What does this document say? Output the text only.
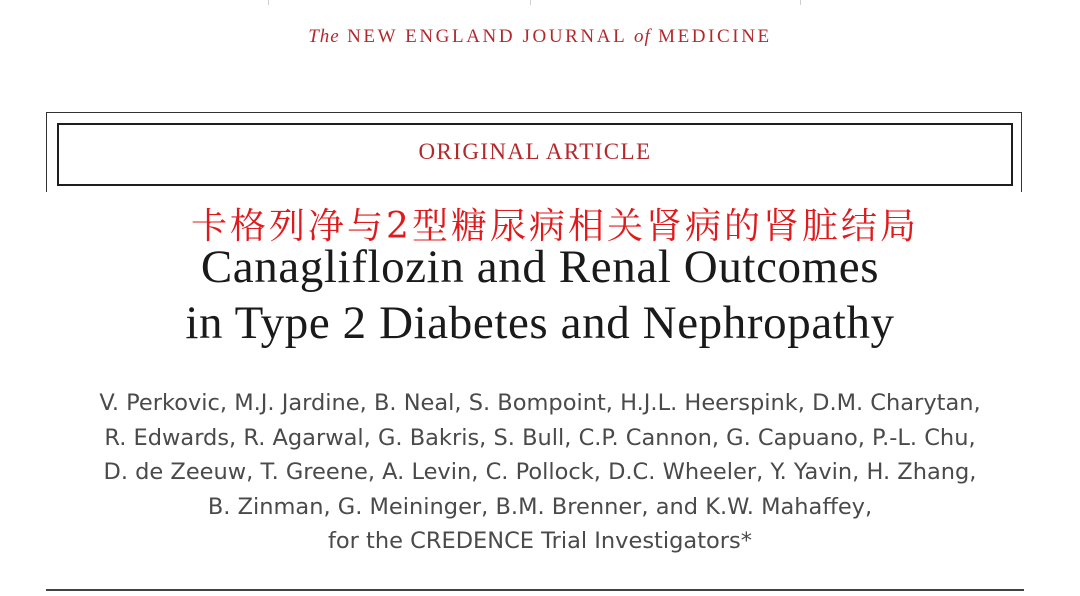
The NEW ENGLAND JOURNAL of MEDICINE
ORIGINAL ARTICLE
卡格列净与2型糖尿病相关肾病的肾脏结局
Canagliflozin and Renal Outcomes
in Type 2 Diabetes and Nephropathy
V. Perkovic, M.J. Jardine, B. Neal, S. Bompoint, H.J.L. Heerspink, D.M. Charytan,
R. Edwards, R. Agarwal, G. Bakris, S. Bull, C.P. Cannon, G. Capuano, P.-L. Chu,
D. de Zeeuw, T. Greene, A. Levin, C. Pollock, D.C. Wheeler, Y. Yavin, H. Zhang,
B. Zinman, G. Meininger, B.M. Brenner, and K.W. Mahaffey,
for the CREDENCE Trial Investigators*
